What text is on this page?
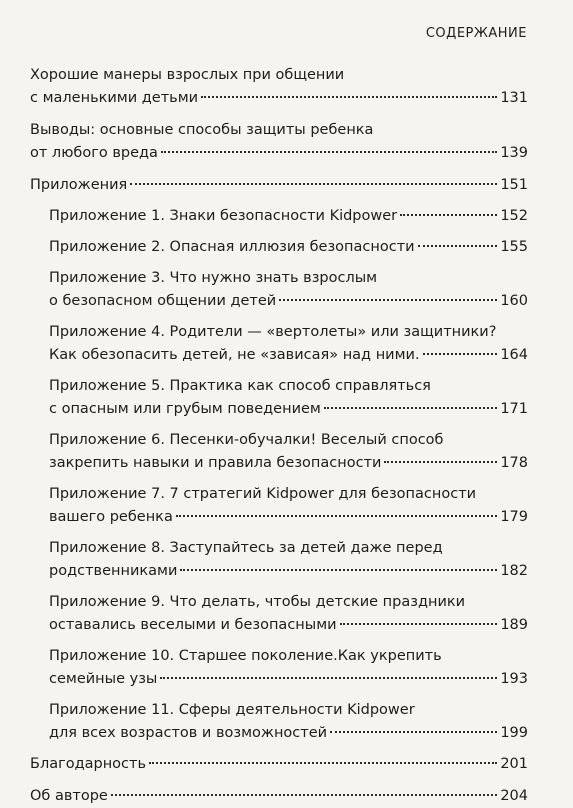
СОДЕРЖАНИЕ
Хорошие манеры взрослых при общении
с маленькими детьми	131
Выводы: основные способы защиты ребенка
от любого вреда	139
Приложения	151
Приложение 1. Знаки безопасности Kidpower	152
Приложение 2. Опасная иллюзия безопасности	155
Приложение 3. Что нужно знать взрослым
о безопасном общении детей	160
Приложение 4. Родители — «вертолеты» или защитники?
Как обезопасить детей, не «зависая» над ними.	164
Приложение 5. Практика как способ справляться
с опасным или грубым поведением	171
Приложение 6. Песенки-обучалки! Веселый способ
закрепить навыки и правила безопасности	178
Приложение 7. 7 стратегий Kidpower для безопасности
вашего ребенка	179
Приложение 8. Заступайтесь за детей даже перед
родственниками	182
Приложение 9. Что делать, чтобы детские праздники
оставались веселыми и безопасными	189
Приложение 10. Старшее поколение.Как укрепить
семейные узы	193
Приложение 11. Сферы деятельности Kidpower
для всех возрастов и возможностей	199
Благодарность	201
Об авторе	204
